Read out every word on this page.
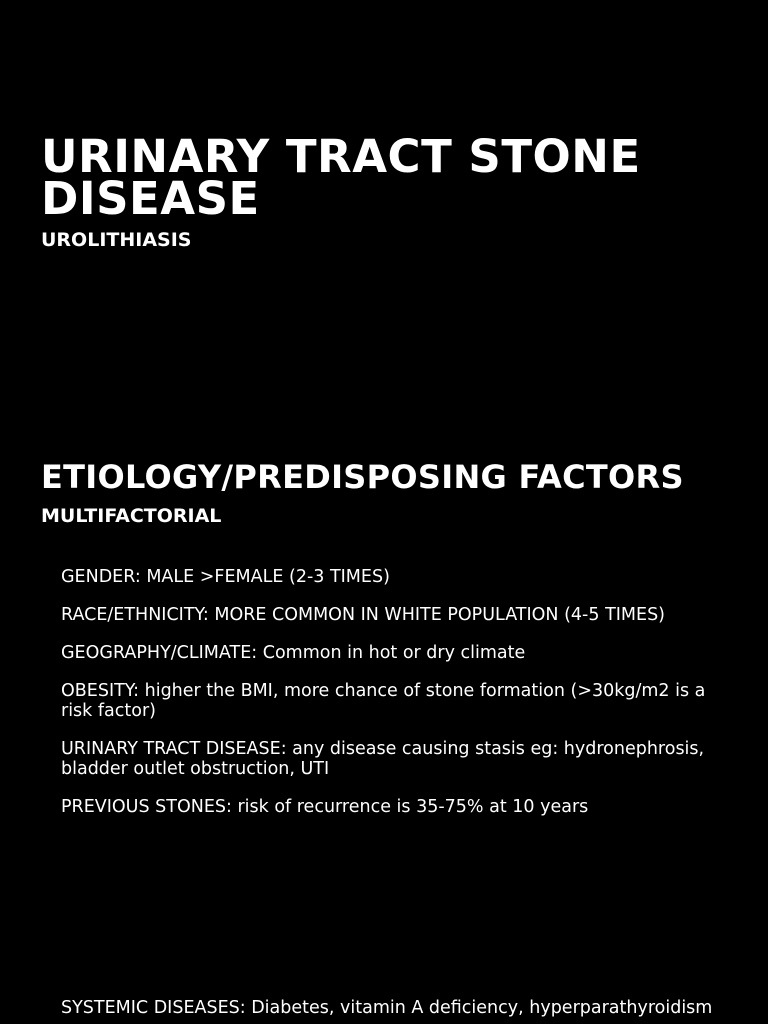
URINARY TRACT STONE DISEASE
UROLITHIASIS
ETIOLOGY/PREDISPOSING FACTORS
MULTIFACTORIAL
GENDER: MALE >FEMALE (2-3 TIMES)
RACE/ETHNICITY: MORE COMMON IN WHITE POPULATION (4-5 TIMES)
GEOGRAPHY/CLIMATE: Common in hot or dry climate
OBESITY: higher the BMI, more chance of stone formation (>30kg/m2 is a risk factor)
URINARY TRACT DISEASE: any disease causing stasis eg: hydronephrosis, bladder outlet obstruction, UTI
PREVIOUS STONES: risk of recurrence is 35-75% at 10 years
SYSTEMIC DISEASES: Diabetes, vitamin A deficiency, hyperparathyroidism
